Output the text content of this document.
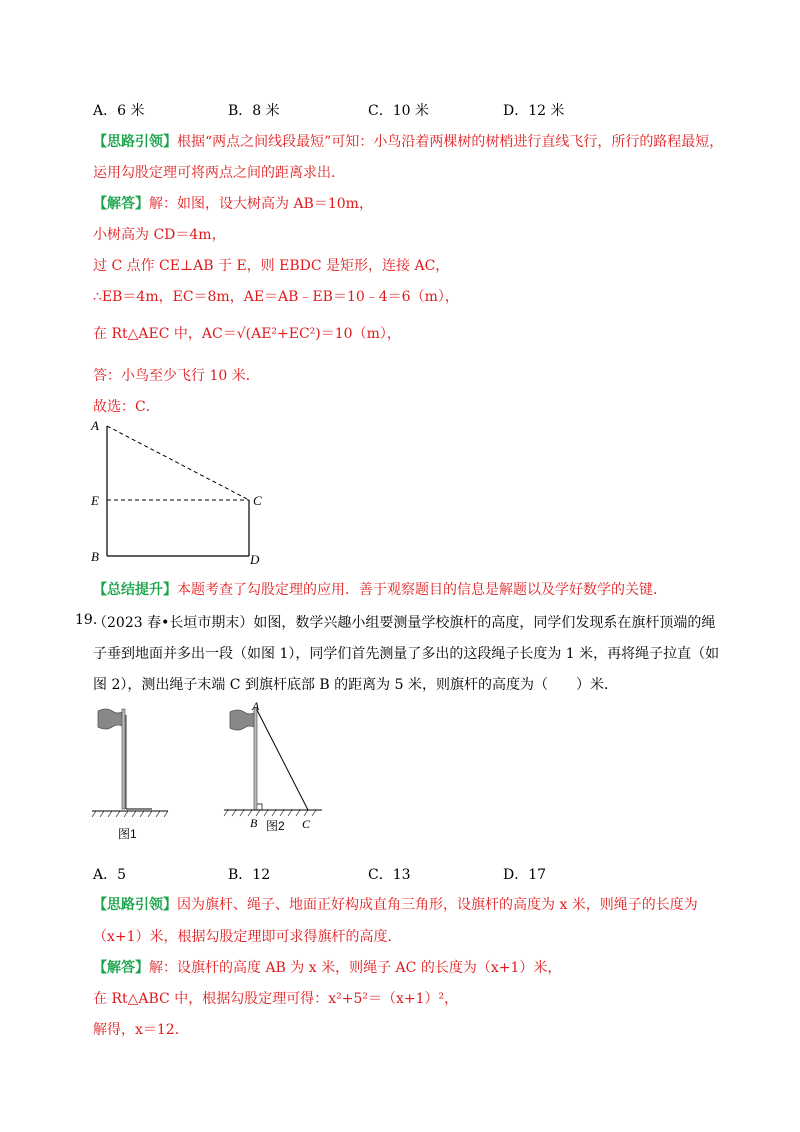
A．6 米	B．8 米	C．10 米	D．12 米
【思路引领】根据“两点之间线段最短”可知：小鸟沿着两棵树的树梢进行直线飞行，所行的路程最短，
运用勾股定理可将两点之间的距离求出．
【解答】解：如图，设大树高为 AB＝10m，
小树高为 CD＝4m，
过 C 点作 CE⊥AB 于 E，则 EBDC 是矩形，连接 AC，
∴EB＝4m，EC＝8m，AE＝AB﹣EB＝10﹣4＝6（m），
在 Rt△AEC 中，AC＝√(AE²+EC²)＝10（m），
答：小鸟至少飞行 10 米．
故选：C．
A
E
B
C
D
【总结提升】本题考查了勾股定理的应用．善于观察题目的信息是解题以及学好数学的关键．
19.
（2023 春•长垣市期末）如图，数学兴趣小组要测量学校旗杆的高度，同学们发现系在旗杆顶端的绳
子垂到地面并多出一段（如图 1），同学们首先测量了多出的这段绳子长度为 1 米，再将绳子拉直（如
图 2），测出绳子末端 C 到旗杆底部 B 的距离为 5 米，则旗杆的高度为（　　）米．
图1
A
B	C
图2
A．5	B．12	C．13	D．17
【思路引领】因为旗杆、绳子、地面正好构成直角三角形，设旗杆的高度为 x 米，则绳子的长度为
（x+1）米，根据勾股定理即可求得旗杆的高度．
【解答】解：设旗杆的高度 AB 为 x 米，则绳子 AC 的长度为（x+1）米，
在 Rt△ABC 中，根据勾股定理可得：x²+5²＝（x+1）²，
解得，x＝12．
